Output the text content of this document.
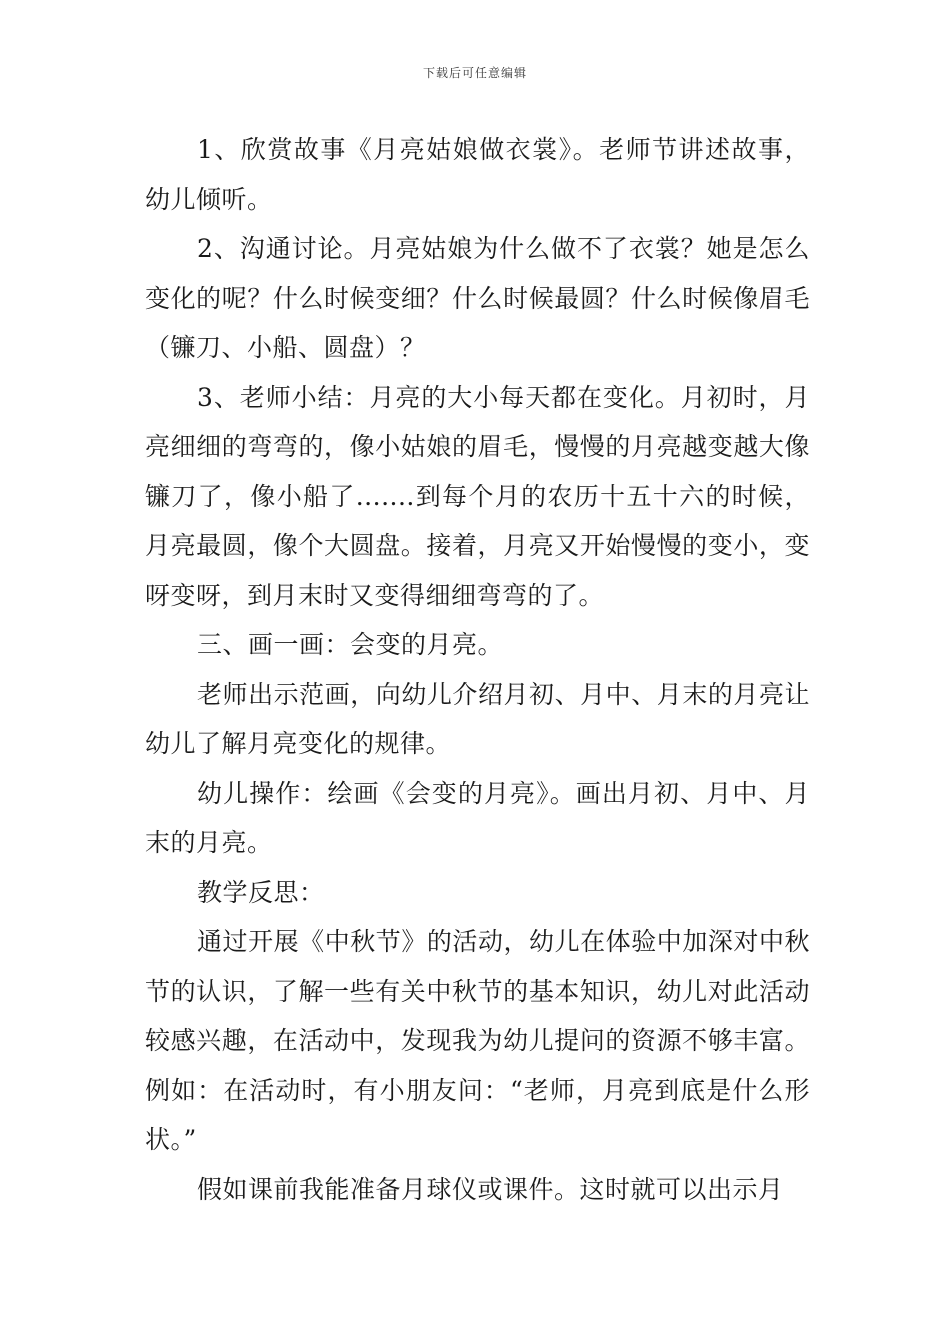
下载后可任意编辑

1、欣赏故事《月亮姑娘做衣裳》。老师节讲述故事，幼儿倾听。

2、沟通讨论。月亮姑娘为什么做不了衣裳？她是怎么变化的呢？什么时候变细？什么时候最圆？什么时候像眉毛（镰刀、小船、圆盘）？

3、老师小结：月亮的大小每天都在变化。月初时，月亮细细的弯弯的，像小姑娘的眉毛，慢慢的月亮越变越大像镰刀了，像小船了.......到每个月的农历十五十六的时候，月亮最圆，像个大圆盘。接着，月亮又开始慢慢的变小，变呀变呀，到月末时又变得细细弯弯的了。

三、画一画：会变的月亮。

老师出示范画，向幼儿介绍月初、月中、月末的月亮让幼儿了解月亮变化的规律。

幼儿操作：绘画《会变的月亮》。画出月初、月中、月末的月亮。

教学反思：

通过开展《中秋节》的活动，幼儿在体验中加深对中秋节的认识，了解一些有关中秋节的基本知识，幼儿对此活动较感兴趣，在活动中，发现我为幼儿提问的资源不够丰富。例如：在活动时，有小朋友问：“老师，月亮到底是什么形状。”

假如课前我能准备月球仪或课件。这时就可以出示月
